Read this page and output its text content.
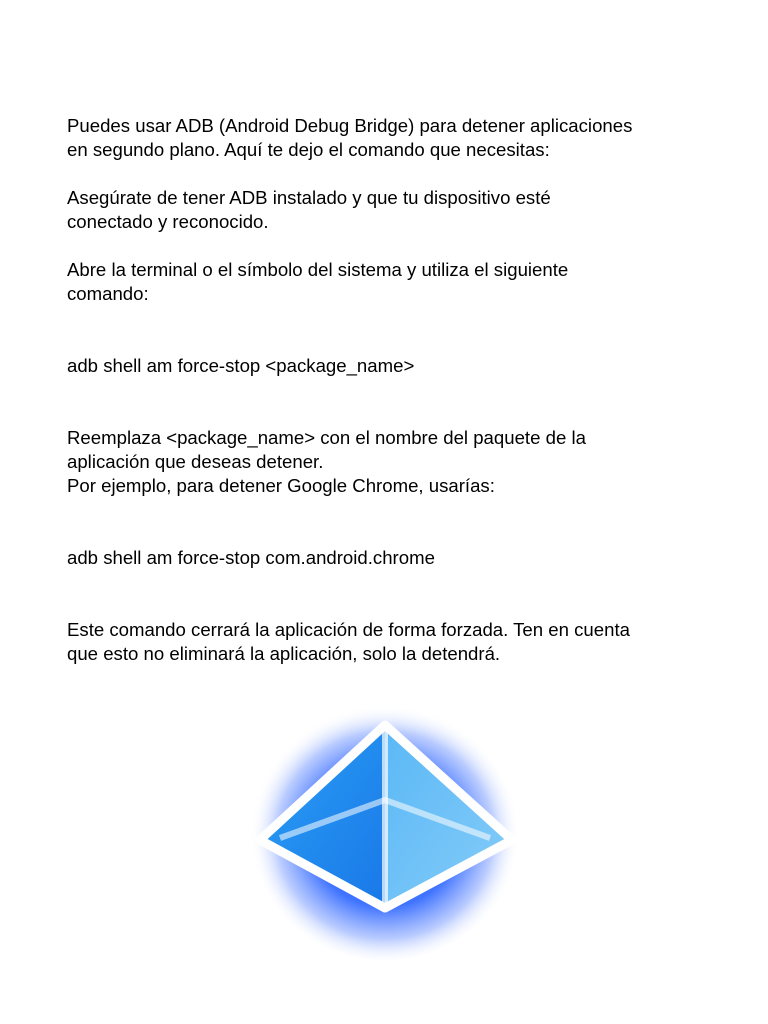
Puedes usar ADB (Android Debug Bridge) para detener aplicaciones
en segundo plano. Aquí te dejo el comando que necesitas:

Asegúrate de tener ADB instalado y que tu dispositivo esté
conectado y reconocido.

Abre la terminal o el símbolo del sistema y utiliza el siguiente
comando:

adb shell am force-stop <package_name>

Reemplaza <package_name> con el nombre del paquete de la
aplicación que deseas detener.
Por ejemplo, para detener Google Chrome, usarías:

adb shell am force-stop com.android.chrome

Este comando cerrará la aplicación de forma forzada. Ten en cuenta
que esto no eliminará la aplicación, solo la detendrá.
